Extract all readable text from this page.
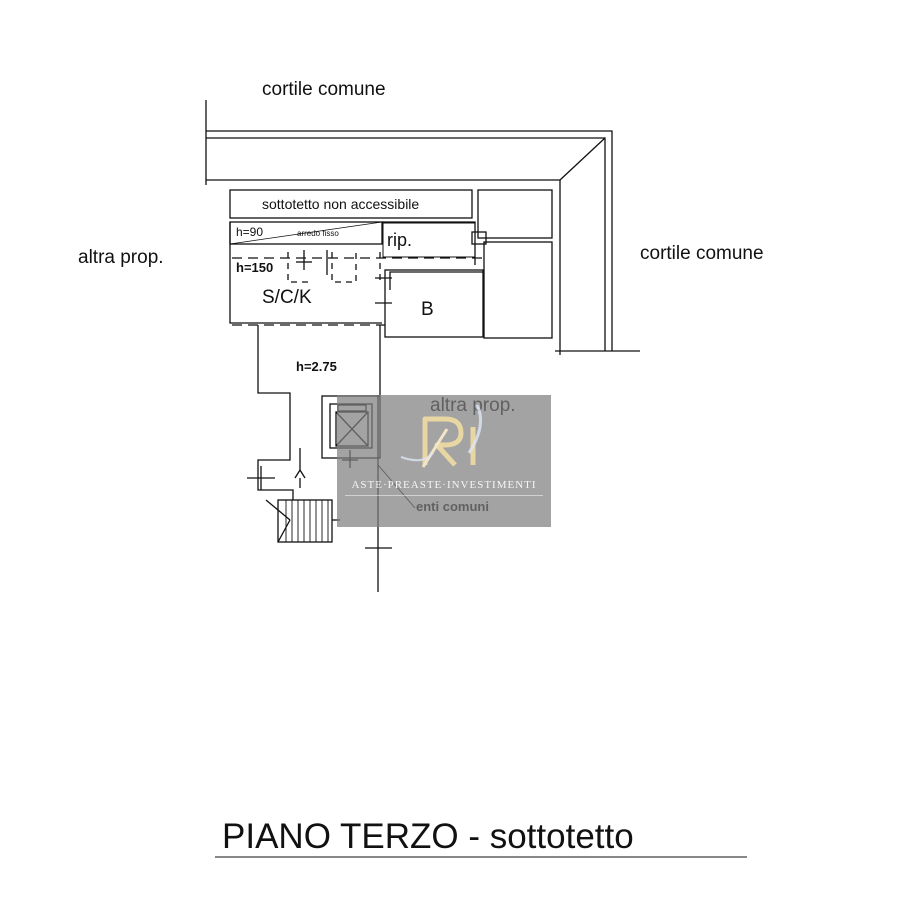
cortile comune
cortile comune
altra prop.
sottotetto non accessibile
h=90	arredo fisso	rip.
h=150
S/C/K
B
h=2.75
PIANO TERZO - sottotetto
ASTE·PREASTE·INVESTIMENTI
